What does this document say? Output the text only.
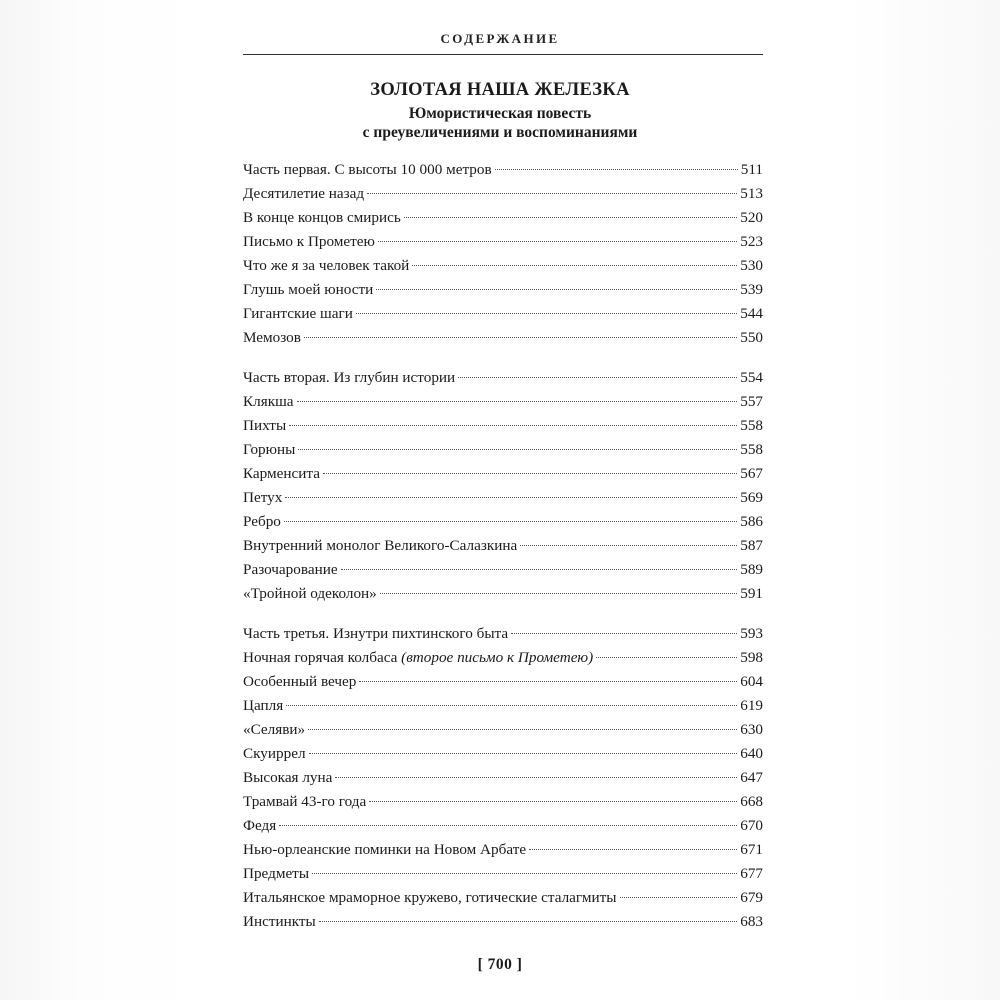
СОДЕРЖАНИЕ
ЗОЛОТАЯ НАША ЖЕЛЕЗКА
Юмористическая повесть
с преувеличениями и воспоминаниями
Часть первая. С высоты 10 000 метров	511
Десятилетие назад	513
В конце концов смирись	520
Письмо к Прометею	523
Что же я за человек такой	530
Глушь моей юности	539
Гигантские шаги	544
Мемозов	550
Часть вторая. Из глубин истории	554
Клякша	557
Пихты	558
Горюны	558
Карменсита	567
Петух	569
Ребро	586
Внутренний монолог Великого-Салазкина	587
Разочарование	589
«Тройной одеколон»	591
Часть третья. Изнутри пихтинского быта	593
Ночная горячая колбаса (второе письмо к Прометею)	598
Особенный вечер	604
Цапля	619
«Селяви»	630
Скуиррел	640
Высокая луна	647
Трамвай 43-го года	668
Федя	670
Нью-орлеанские поминки на Новом Арбате	671
Предметы	677
Итальянское мраморное кружево, готические сталагмиты	679
Инстинкты	683
[ 700 ]
